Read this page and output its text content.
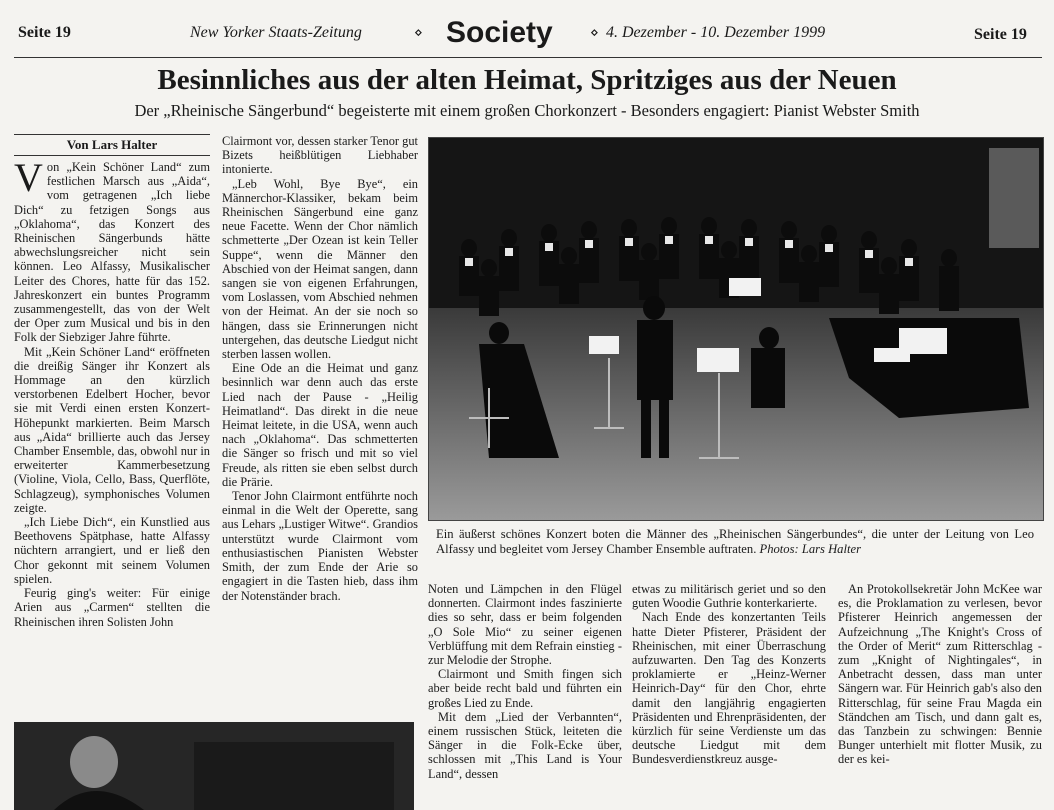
Seite 19	New Yorker Staats-Zeitung	⋄ Society	⋄ 4. Dezember - 10. Dezember 1999	Seite 19
Besinnliches aus der alten Heimat, Spritziges aus der Neuen
Der „Rheinische Sängerbund“ begeisterte mit einem großen Chorkonzert - Besonders engagiert: Pianist Webster Smith
Von Lars Halter

Von „Kein Schöner Land“ zum festlichen Marsch aus „Aida“, vom getragenen „Ich liebe Dich“ zu fetzigen Songs aus „Oklahoma“, das Konzert des Rheinischen Sängerbunds hätte abwechslungsreicher nicht sein können. Leo Alfassy, Musikalischer Leiter des Chores, hatte für das 152. Jahreskonzert ein buntes Programm zusammengestellt, das von der Welt der Oper zum Musical und bis in den Folk der Siebziger Jahre führte.

Mit „Kein Schöner Land“ eröffneten die dreißig Sänger ihr Konzert als Hommage an den kürzlich verstorbenen Edelbert Hocher, bevor sie mit Verdi einen ersten Konzert-Höhepunkt markierten. Beim Marsch aus „Aida“ brillierte auch das Jersey Chamber Ensemble, das, obwohl nur in erweiterter Kammerbesetzung (Violine, Viola, Cello, Bass, Querflöte, Schlagzeug), symphonisches Volumen zeigte.

„Ich Liebe Dich“, ein Kunstlied aus Beethovens Spätphase, hatte Alfassy nüchtern arrangiert, und er ließ den Chor gekonnt mit seinem Volumen spielen.

Feurig ging's weiter: Für einige Arien aus „Carmen“ stellten die Rheinischen ihren Solisten John

Clairmont vor, dessen starker Tenor gut Bizets heißblütigen Liebhaber intonierte.

„Leb Wohl, Bye Bye“, ein Männerchor-Klassiker, bekam beim Rheinischen Sängerbund eine ganz neue Facette. Wenn der Chor nämlich schmetterte „Der Ozean ist kein Teller Suppe“, wenn die Männer den Abschied von der Heimat sangen, dann sangen sie von eigenen Erfahrungen, vom Loslassen, vom Abschied nehmen von der Heimat. An der sie noch so hängen, dass sie Erinnerungen nicht untergehen, das deutsche Liedgut nicht sterben lassen wollen.

Eine Ode an die Heimat und ganz besinnlich war denn auch das erste Lied nach der Pause - „Heilig Heimatland“. Das direkt in die neue Heimat leitete, in die USA, wenn auch nach „Oklahoma“. Das schmetterten die Sänger so frisch und mit so viel Freude, als ritten sie eben selbst durch die Prärie.

Tenor John Clairmont entführte noch einmal in die Welt der Operette, sang aus Lehars „Lustiger Witwe“. Grandios unterstützt wurde Clairmont vom enthusiastischen Pianisten Webster Smith, der zum Ende der Arie so engagiert in die Tasten hieb, dass ihm der Notenständer brach.

Ein äußerst schönes Konzert boten die Männer des „Rheinischen Sängerbundes“, die unter der Leitung von Leo Alfassy und begleitet vom Jersey Chamber Ensemble auftraten. Photos: Lars Halter

Noten und Lämpchen in den Flügel donnerten. Clairmont indes faszinierte dies so sehr, dass er beim folgenden „O Sole Mio“ zu seiner eigenen Verblüffung mit dem Refrain einstieg - zur Melodie der Strophe.

Clairmont und Smith fingen sich aber beide recht bald und führten ein großes Lied zu Ende.

Mit dem „Lied der Verbannten“, einem russischen Stück, leiteten die Sänger in die Folk-Ecke über, schlossen mit „This Land is Your Land“, dessen

etwas zu militärisch geriet und so den guten Woodie Guthrie konterkarierte.

Nach Ende des konzertanten Teils hatte Dieter Pfisterer, Präsident der Rheinischen, mit einer Überraschung aufzuwarten. Den Tag des Konzerts proklamierte er „Heinz-Werner Heinrich-Day“ für den Chor, ehrte damit den langjährig engagierten Präsidenten und Ehrenpräsidenten, der kürzlich für seine Verdienste um das deutsche Liedgut mit dem Bundesverdienstkreuz ausge-

An Protokollsekretär John McKee war es, die Proklamation zu verlesen, bevor Pfisterer Heinrich angemessen der Aufzeichnung „The Knight's Cross of the Order of Merit“ zum Ritterschlag - zum „Knight of Nightingales“, in Anbetracht dessen, dass man unter Sängern war. Für Heinrich gab's also den Ritterschlag, für seine Frau Magda ein Ständchen am Tisch, und dann galt es, das Tanzbein zu schwingen: Bennie Bunger unterhielt mit flotter Musik, zu der es kei-
